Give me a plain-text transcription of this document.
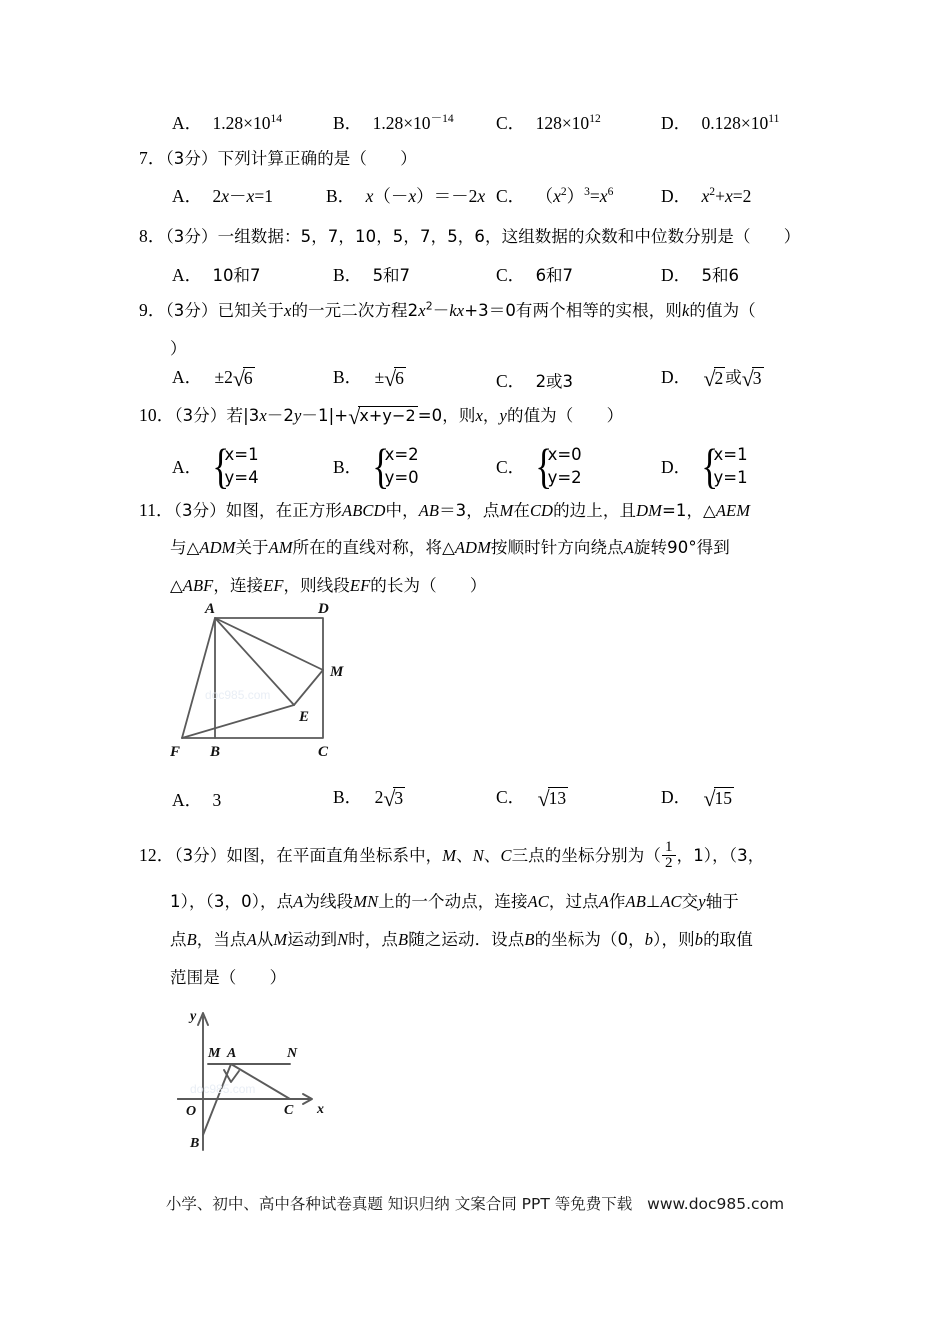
A． $1.28\times 10^{14}$	B． $1.28\times 10^{-14}$ C． $128\times 10^{12}$	D． $0.128\times 10^{11}$
7．（3分）下列计算正确的是（　　）
A． 2x－x=1	B． x（－x）＝－2x C． $(x^2)^3=x^6$	D． $x^2+x=2$
8．（3分）一组数据：5，7，10，5，7，5，6，这组数据的众数和中位数分别是（　　）
A． 10和7	B． 5和7	C． 6和7	D． 5和6
9．（3分）已知关于x的一元二次方程$2x^2-kx+3=0$有两个相等的实根，则k的值为（
）
A． ±2√6	B． ±√6	C． 2或3	D． √2 或√3
10．（3分）若|3x－2y－1|+√x+y−2 =0，则x，y的值为（　　）
A． {
x=1
y=4
B． {
x=2
y=0
C． {
x=0
y=2
D． {
x=1
y=1
11．（3分）如图，在正方形ABCD中，AB＝3，点M在CD的边上，且DM=1，△AEM
与△ADM关于AM所在的直线对称，将△ADM按顺时针方向绕点A旋转90°得到
△ABF，连接EF，则线段EF的长为（　　）
A	D
M
E
F B	C
A． 3	B． 2√3	C． √13	D． √15
12．（3分）如图，在平面直角坐标系中，M、N、C三点的坐标分别为（ $\frac{1}{2}$ ，1），（3，
1），（3，0），点A为线段MN上的一个动点，连接AC，过点A作AB⊥AC交y轴于
点B，当点A从M运动到N时，点B随之运动．设点B的坐标为（0，b），则b的取值
范围是（　　）
y
x
O
M	N
A
B
C
doc985.com
doc985.com
小学、初中、高中各种试卷真题 知识归纳 文案合同 PPT 等免费下载 www.doc985.com
